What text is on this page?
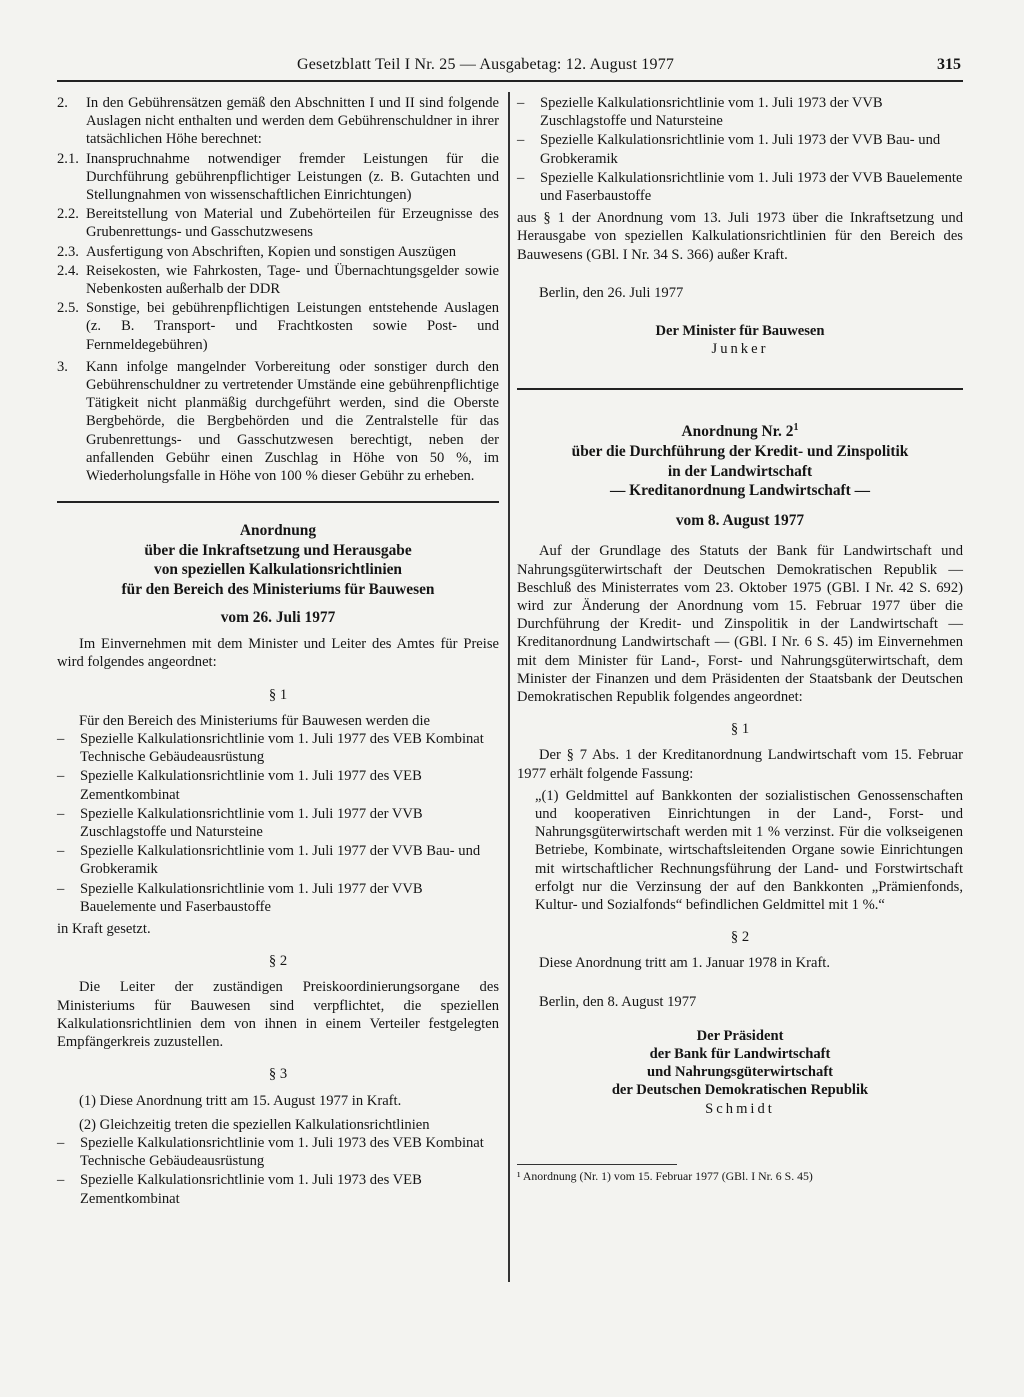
Gesetzblatt Teil I Nr. 25 — Ausgabetag: 12. August 1977	315
2. In den Gebührensätzen gemäß den Abschnitten I und II sind folgende Auslagen nicht enthalten und werden dem Gebührenschuldner in ihrer tatsächlichen Höhe berechnet:
2.1. Inanspruchnahme notwendiger fremder Leistungen für die Durchführung gebührenpflichtiger Leistungen (z. B. Gutachten und Stellungnahmen von wissenschaftlichen Einrichtungen)
2.2. Bereitstellung von Material und Zubehörteilen für Erzeugnisse des Grubenrettungs- und Gasschutzwesens
2.3. Ausfertigung von Abschriften, Kopien und sonstigen Auszügen
2.4. Reisekosten, wie Fahrkosten, Tage- und Übernachtungsgelder sowie Nebenkosten außerhalb der DDR
2.5. Sonstige, bei gebührenpflichtigen Leistungen entstehende Auslagen (z. B. Transport- und Frachtkosten sowie Post- und Fernmeldegebühren)
3. Kann infolge mangelnder Vorbereitung oder sonstiger durch den Gebührenschuldner zu vertretender Umstände eine gebührenpflichtige Tätigkeit nicht planmäßig durchgeführt werden, sind die Oberste Bergbehörde, die Bergbehörden und die Zentralstelle für das Grubenrettungs- und Gasschutzwesen berechtigt, neben der anfallenden Gebühr einen Zuschlag in Höhe von 50 %, im Wiederholungsfalle in Höhe von 100 % dieser Gebühr zu erheben.
Anordnung
über die Inkraftsetzung und Herausgabe
von speziellen Kalkulationsrichtlinien
für den Bereich des Ministeriums für Bauwesen
vom 26. Juli 1977
Im Einvernehmen mit dem Minister und Leiter des Amtes für Preise wird folgendes angeordnet:
§ 1
Für den Bereich des Ministeriums für Bauwesen werden die
– Spezielle Kalkulationsrichtlinie vom 1. Juli 1977 des VEB Kombinat Technische Gebäudeausrüstung
– Spezielle Kalkulationsrichtlinie vom 1. Juli 1977 des VEB Zementkombinat
– Spezielle Kalkulationsrichtlinie vom 1. Juli 1977 der VVB Zuschlagstoffe und Natursteine
– Spezielle Kalkulationsrichtlinie vom 1. Juli 1977 der VVB Bau- und Grobkeramik
– Spezielle Kalkulationsrichtlinie vom 1. Juli 1977 der VVB Bauelemente und Faserbaustoffe
in Kraft gesetzt.
§ 2
Die Leiter der zuständigen Preiskoordinierungsorgane des Ministeriums für Bauwesen sind verpflichtet, die speziellen Kalkulationsrichtlinien dem von ihnen in einem Verteiler festgelegten Empfängerkreis zuzustellen.
§ 3
(1) Diese Anordnung tritt am 15. August 1977 in Kraft.
(2) Gleichzeitig treten die speziellen Kalkulationsrichtlinien
– Spezielle Kalkulationsrichtlinie vom 1. Juli 1973 des VEB Kombinat Technische Gebäudeausrüstung
– Spezielle Kalkulationsrichtlinie vom 1. Juli 1973 des VEB Zementkombinat
– Spezielle Kalkulationsrichtlinie vom 1. Juli 1973 der VVB Zuschlagstoffe und Natursteine
– Spezielle Kalkulationsrichtlinie vom 1. Juli 1973 der VVB Bau- und Grobkeramik
– Spezielle Kalkulationsrichtlinie vom 1. Juli 1973 der VVB Bauelemente und Faserbaustoffe
aus § 1 der Anordnung vom 13. Juli 1973 über die Inkraftsetzung und Herausgabe von speziellen Kalkulationsrichtlinien für den Bereich des Bauwesens (GBl. I Nr. 34 S. 366) außer Kraft.
Berlin, den 26. Juli 1977
Der Minister für Bauwesen
Junker
Anordnung Nr. $2^1$
über die Durchführung der Kredit- und Zinspolitik
in der Landwirtschaft
— Kreditanordnung Landwirtschaft —
vom 8. August 1977
Auf der Grundlage des Statuts der Bank für Landwirtschaft und Nahrungsgüterwirtschaft der Deutschen Demokratischen Republik — Beschluß des Ministerrates vom 23. Oktober 1975 (GBl. I Nr. 42 S. 692) wird zur Änderung der Anordnung vom 15. Februar 1977 über die Durchführung der Kredit- und Zinspolitik in der Landwirtschaft — Kreditanordnung Landwirtschaft — (GBl. I Nr. 6 S. 45) im Einvernehmen mit dem Minister für Land-, Forst- und Nahrungsgüterwirtschaft, dem Minister der Finanzen und dem Präsidenten der Staatsbank der Deutschen Demokratischen Republik folgendes angeordnet:
§ 1
Der § 7 Abs. 1 der Kreditanordnung Landwirtschaft vom 15. Februar 1977 erhält folgende Fassung:
„(1) Geldmittel auf Bankkonten der sozialistischen Genossenschaften und kooperativen Einrichtungen in der Land-, Forst- und Nahrungsgüterwirtschaft werden mit 1 % verzinst. Für die volkseigenen Betriebe, Kombinate, wirtschaftsleitenden Organe sowie Einrichtungen mit wirtschaftlicher Rechnungsführung der Land- und Forstwirtschaft erfolgt nur die Verzinsung der auf den Bankkonten „Prämienfonds, Kultur- und Sozialfonds“ befindlichen Geldmittel mit 1 %.“
§ 2
Diese Anordnung tritt am 1. Januar 1978 in Kraft.
Berlin, den 8. August 1977
Der Präsident
der Bank für Landwirtschaft
und Nahrungsgüterwirtschaft
der Deutschen Demokratischen Republik
Schmidt
¹ Anordnung (Nr. 1) vom 15. Februar 1977 (GBl. I Nr. 6 S. 45)
